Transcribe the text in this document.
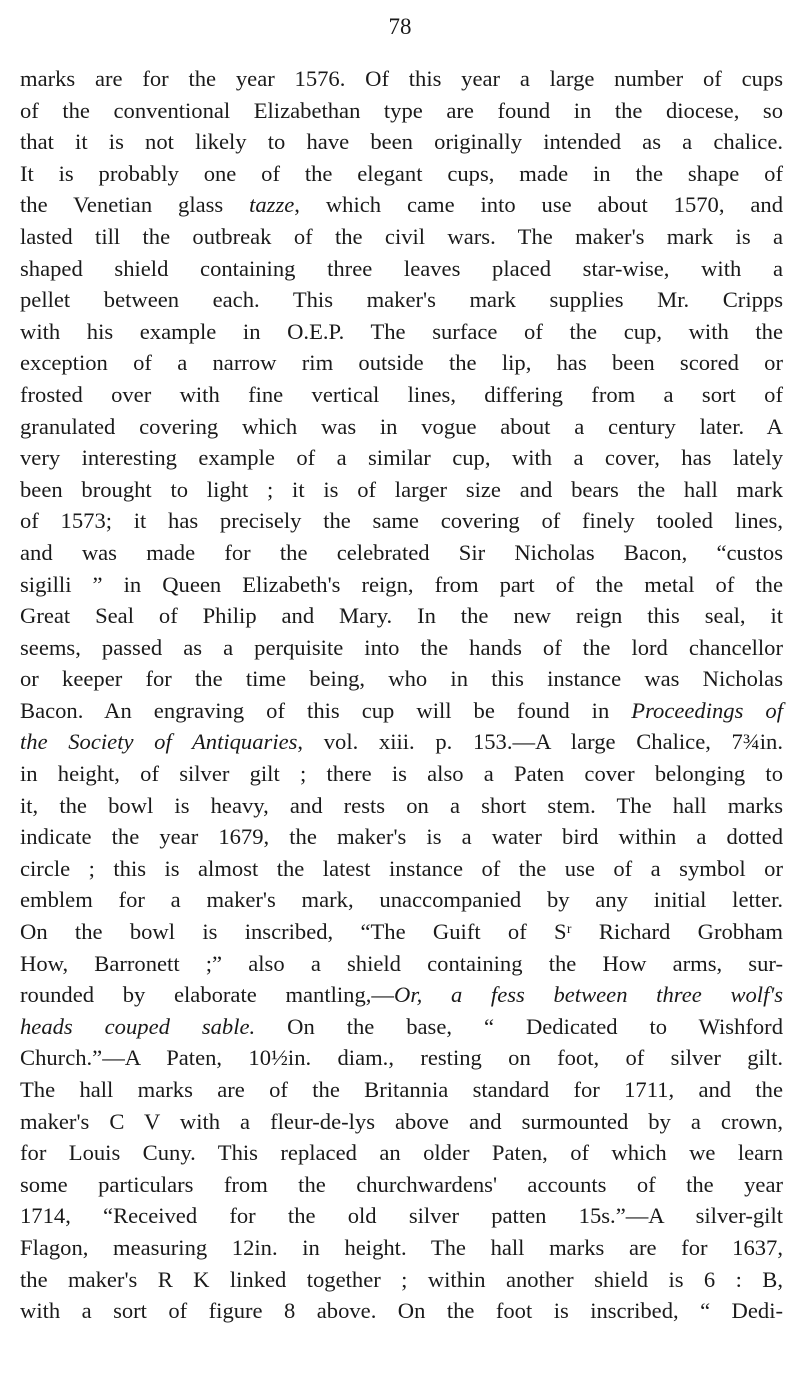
78
marks are for the year 1576. Of this year a large number of cups
of the conventional Elizabethan type are found in the diocese, so
that it is not likely to have been originally intended as a chalice.
It is probably one of the elegant cups, made in the shape of
the Venetian glass tazze, which came into use about 1570, and
lasted till the outbreak of the civil wars. The maker's mark is a
shaped shield containing three leaves placed star-wise, with a
pellet between each. This maker's mark supplies Mr. Cripps
with his example in O.E.P. The surface of the cup, with the
exception of a narrow rim outside the lip, has been scored or
frosted over with fine vertical lines, differing from a sort of
granulated covering which was in vogue about a century later. A
very interesting example of a similar cup, with a cover, has lately
been brought to light ; it is of larger size and bears the hall mark
of 1573; it has precisely the same covering of finely tooled lines,
and was made for the celebrated Sir Nicholas Bacon, “custos
sigilli ” in Queen Elizabeth's reign, from part of the metal of the
Great Seal of Philip and Mary. In the new reign this seal, it
seems, passed as a perquisite into the hands of the lord chancellor
or keeper for the time being, who in this instance was Nicholas
Bacon. An engraving of this cup will be found in Proceedings of
the Society of Antiquaries, vol. xiii. p. 153.—A large Chalice, 7¾in.
in height, of silver gilt ; there is also a Paten cover belonging to
it, the bowl is heavy, and rests on a short stem. The hall marks
indicate the year 1679, the maker's is a water bird within a dotted
circle ; this is almost the latest instance of the use of a symbol or
emblem for a maker's mark, unaccompanied by any initial letter.
On the bowl is inscribed, “The Guift of Sʳ Richard Grobham
How, Barronett ;” also a shield containing the How arms, sur-
rounded by elaborate mantling,—Or, a fess between three wolf's
heads couped sable. On the base, “ Dedicated to Wishford
Church.”—A Paten, 10½in. diam., resting on foot, of silver gilt.
The hall marks are of the Britannia standard for 1711, and the
maker's C V with a fleur-de-lys above and surmounted by a crown,
for Louis Cuny. This replaced an older Paten, of which we learn
some particulars from the churchwardens' accounts of the year
1714, “Received for the old silver patten 15s.”—A silver-gilt
Flagon, measuring 12in. in height. The hall marks are for 1637,
the maker's R K linked together ; within another shield is 6 : B,
with a sort of figure 8 above. On the foot is inscribed, “ Dedi-
